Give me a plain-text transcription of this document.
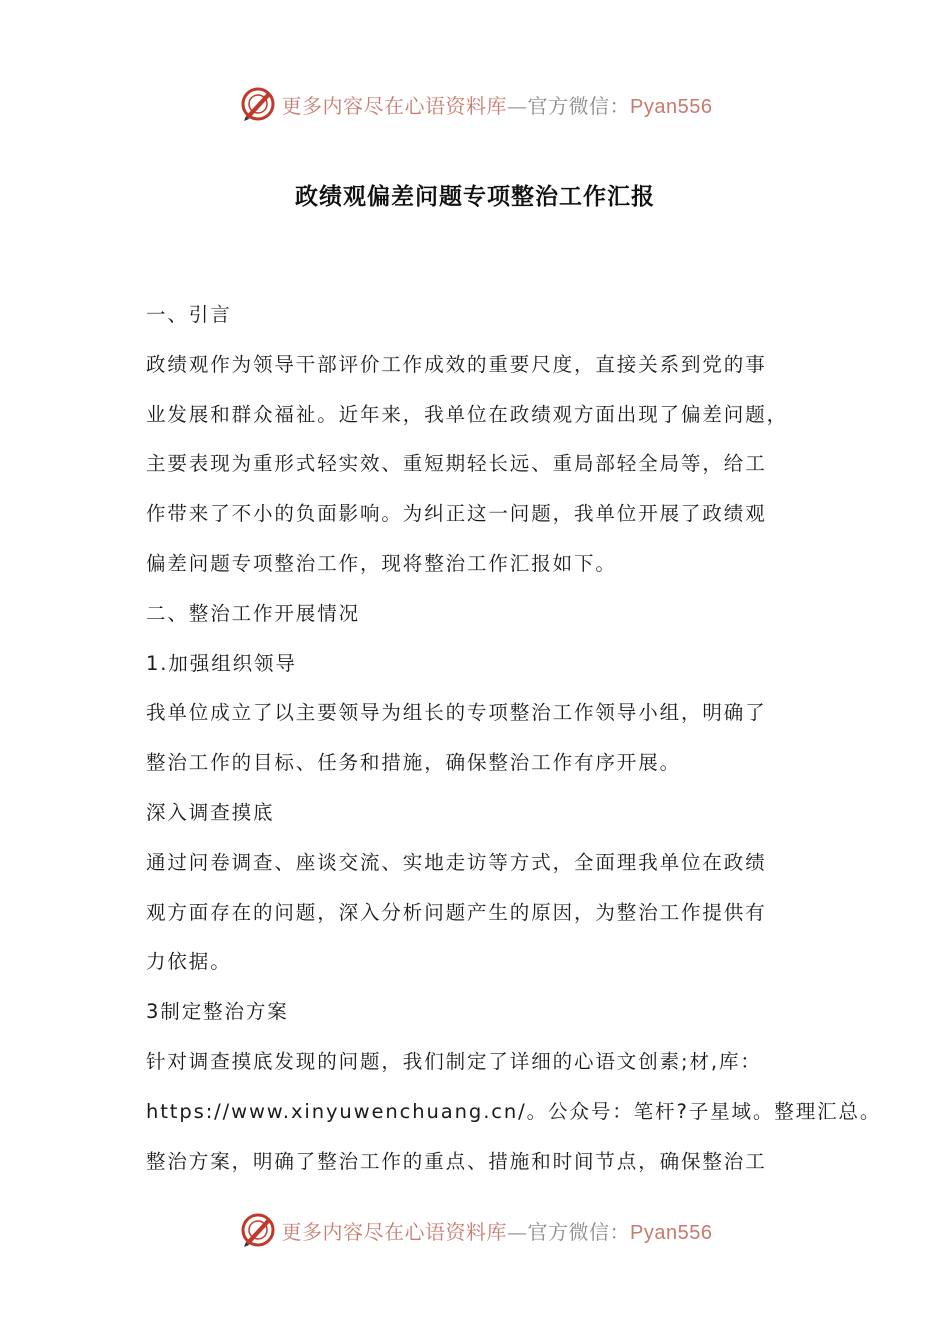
更多内容尽在心语资料库—官方微信：Pyan556
政绩观偏差问题专项整治工作汇报

一、引言

政绩观作为领导干部评价工作成效的重要尺度，直接关系到党的事

业发展和群众福祉。近年来，我单位在政绩观方面出现了偏差问题，

主要表现为重形式轻实效、重短期轻长远、重局部轻全局等，给工

作带来了不小的负面影响。为纠正这一问题，我单位开展了政绩观

偏差问题专项整治工作，现将整治工作汇报如下。

二、整治工作开展情况

1.加强组织领导

我单位成立了以主要领导为组长的专项整治工作领导小组，明确了

整治工作的目标、任务和措施，确保整治工作有序开展。

深入调查摸底

通过问卷调查、座谈交流、实地走访等方式，全面理我单位在政绩

观方面存在的问题，深入分析问题产生的原因，为整治工作提供有

力依据。

3制定整治方案

针对调查摸底发现的问题，我们制定了详细的心语文创素;材,库：

https://www.xinyuwenchuang.cn/。公众号：笔杆?子星域。整理汇总。

整治方案，明确了整治工作的重点、措施和时间节点，确保整治工

更多内容尽在心语资料库—官方微信：Pyan556
